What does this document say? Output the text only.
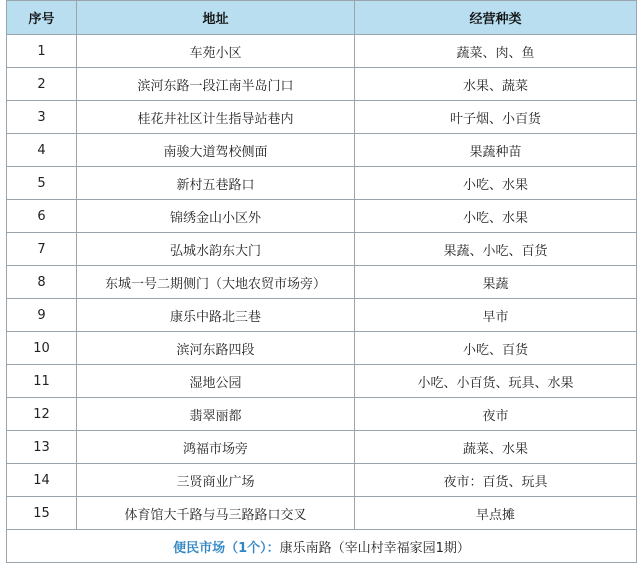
序号	地址	经营种类
1	车苑小区	蔬菜、肉、鱼
2	滨河东路一段江南半岛门口	水果、蔬菜
3	桂花井社区计生指导站巷内	叶子烟、小百货
4	南骏大道驾校侧面	果蔬种苗
5	新村五巷路口	小吃、水果
6	锦绣金山小区外	小吃、水果
7	弘城水韵东大门	果蔬、小吃、百货
8	东城一号二期侧门（大地农贸市场旁）	果蔬
9	康乐中路北三巷	早市
10	滨河东路四段	小吃、百货
11	湿地公园	小吃、小百货、玩具、水果
12	翡翠丽都	夜市
13	鸿福市场旁	蔬菜、水果
14	三贤商业广场	夜市：百货、玩具
15	体育馆大千路与马三路路口交叉	早点摊
便民市场（1个）：康乐南路（宰山村幸福家园1期）		
